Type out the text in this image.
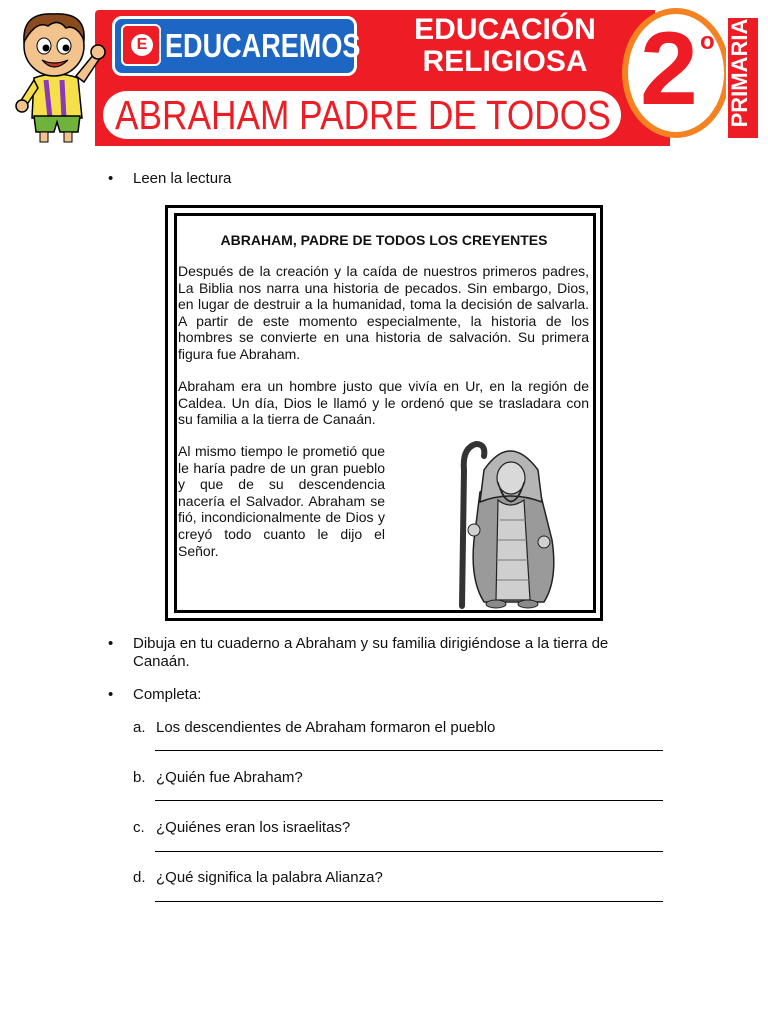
E EDUCAREMOS	EDUCACIÓN
RELIGIOSA
ABRAHAM PADRE DE TODOS 2 o PRIMARIA
• Leen la lectura
ABRAHAM, PADRE DE TODOS LOS CREYENTES
Después de la creación y la caída de nuestros primeros padres, La Biblia nos narra una historia de pecados. Sin embargo, Dios, en lugar de destruir a la humanidad, toma la decisión de salvarla. A partir de este momento especialmente, la historia de los hombres se convierte en una historia de salvación. Su primera figura fue Abraham.
Abraham era un hombre justo que vivía en Ur, en la región de Caldea. Un día, Dios le llamó y le ordenó que se trasladara con su familia a la tierra de Canaán.
Al mismo tiempo le prometió que le haría padre de un gran pueblo y que de su descendencia nacería el Salvador. Abraham se fió, incondicionalmente de Dios y creyó todo cuanto le dijo el Señor.
• Dibuja en tu cuaderno a Abraham y su familia dirigiéndose a la tierra de Canaán.
• Completa:
a. Los descendientes de Abraham formaron el pueblo
b. ¿Quién fue Abraham?
c. ¿Quiénes eran los israelitas?
d. ¿Qué significa la palabra Alianza?
